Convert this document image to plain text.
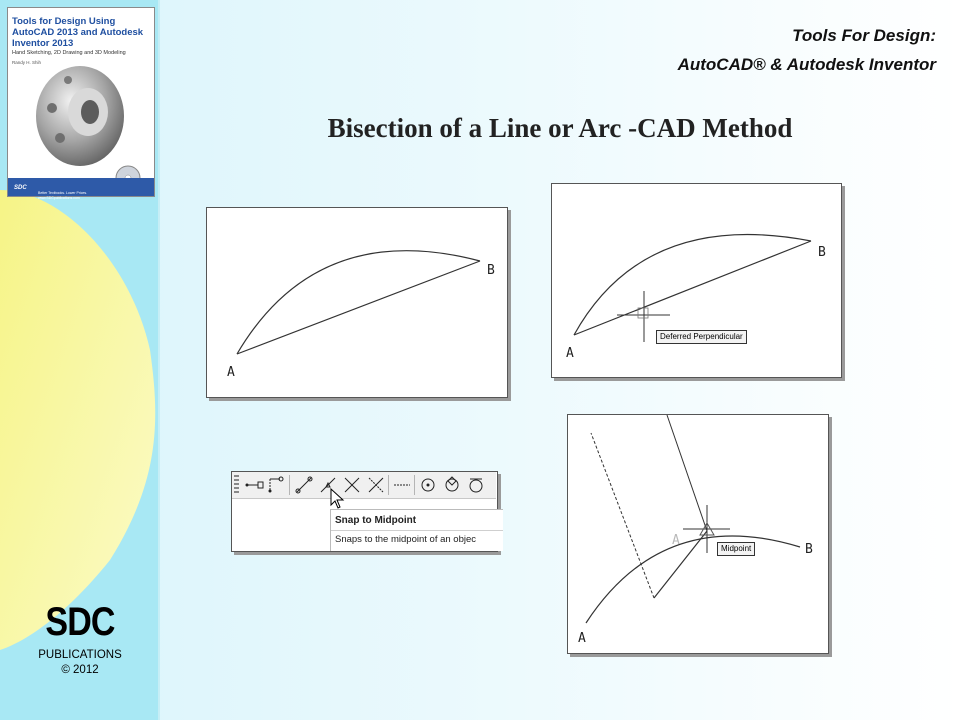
Tools for Design Using AutoCAD 2013 and Autodesk Inventor 2013
Hand Sketching, 2D Drawing and 3D Modeling
Randy H. Shih
SDC
Better Textbooks. Lower Prices.
www.SDCpublications.com
Tools For Design:
AutoCAD® & Autodesk Inventor
Bisection of a Line or Arc -CAD Method
A
B
A
B
Deferred Perpendicular
Snap to Midpoint
Snaps to the midpoint of an objec	A
A
B
Midpoint
SDC
PUBLICATIONS
© 2012
